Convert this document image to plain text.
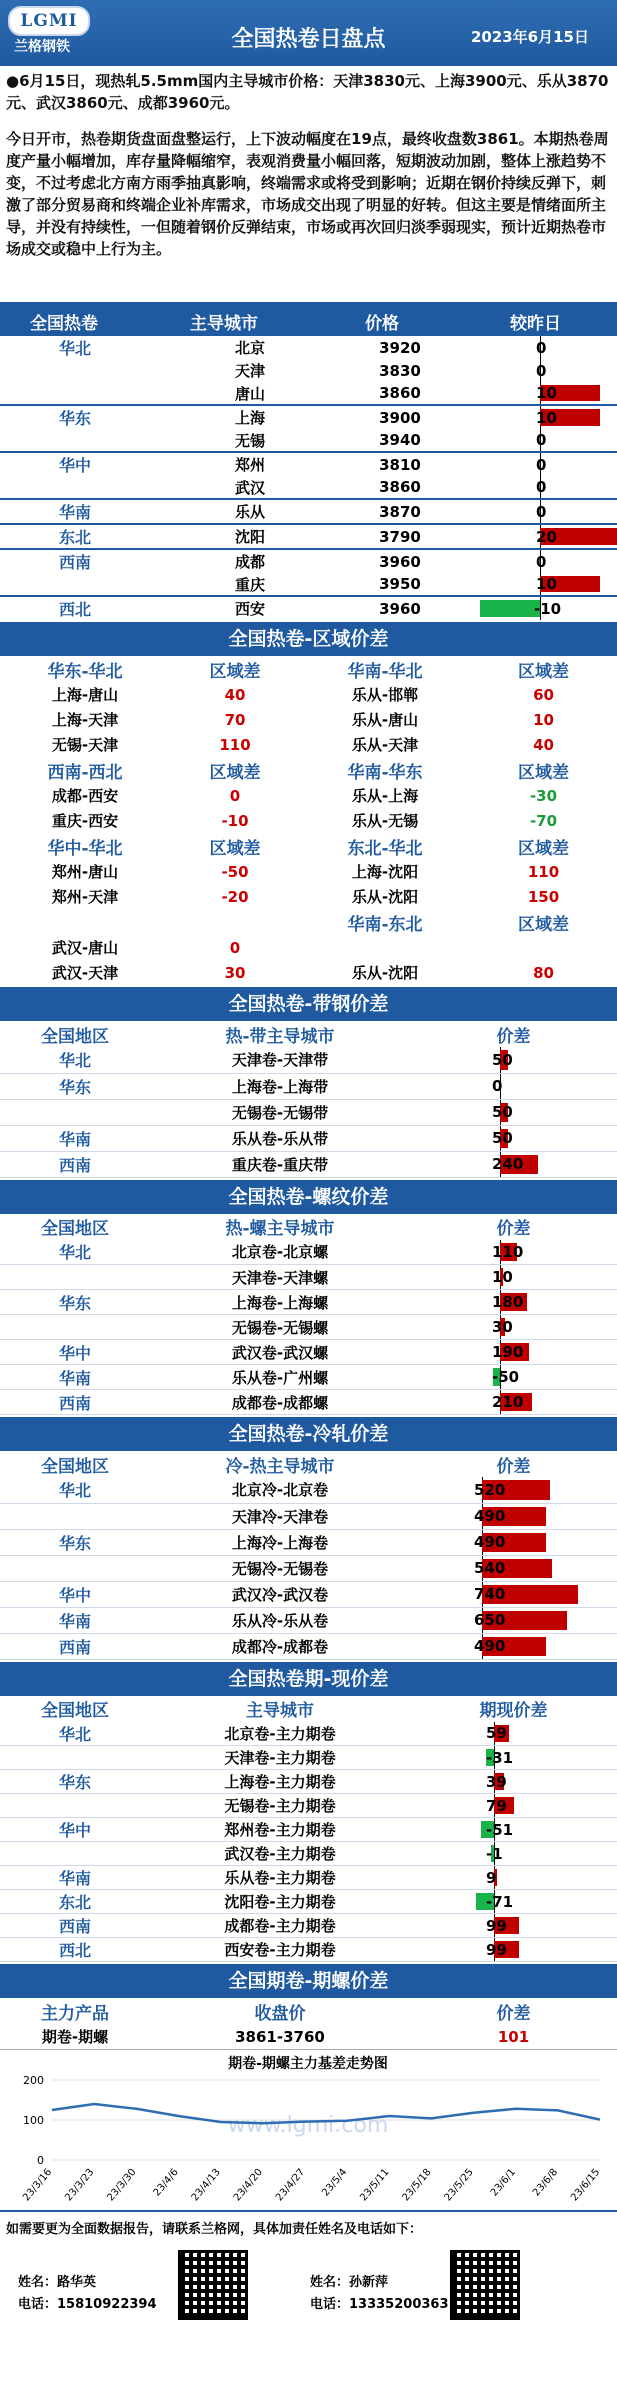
LGMI
兰格钢铁	全国热卷日盘点	2023年6月15日

●6月15日，现热轧5.5mm国内主导城市价格：天津3830元、上海3900元、乐从3870元、武汉3860元、成都3960元。

今日开市，热卷期货盘面盘整运行，上下波动幅度在19点，最终收盘数3861。本期热卷周度产量小幅增加，库存量降幅缩窄，表观消费量小幅回落，短期波动加剧，整体上涨趋势不变，不过考虑北方南方雨季抽真影响，终端需求或将受到影响；近期在钢价持续反弹下，刺激了部分贸易商和终端企业补库需求，市场成交出现了明显的好转。但这主要是情绪面所主导，并没有持续性，一但随着钢价反弹结束，市场或再次回归淡季弱现实，预计近期热卷市场成交或稳中上行为主。

全国热卷	主导城市	价格	较昨日
华北	北京	3920	0

	天津	3830	0

	唐山	3860	10

华东	上海	3900	10

	无锡	3940	0

华中	郑州	3810	0

	武汉	3860	0

华南	乐从	3870	0

东北	沈阳	3790	20

西南	成都	3960	0

	重庆	3950	10

西北	西安	3960	-10
全国热卷-区域价差
华东-华北	区域差	华南-华北	区域差
上海-唐山	40	乐从-邯郸	60
上海-天津	70	乐从-唐山	10
无锡-天津	110	乐从-天津	40
西南-西北	区域差	华南-华东	区域差
成都-西安	0	乐从-上海	-30
重庆-西安	-10	乐从-无锡	-70
华中-华北	区域差	东北-华北	区域差
郑州-唐山	-50	上海-沈阳	110
郑州-天津	-20	乐从-沈阳	150
		华南-东北	区域差
武汉-唐山	0		
武汉-天津	30	乐从-沈阳	80
全国热卷-带钢价差
全国地区	热-带主导城市	价差
华北	天津卷-天津带	50

华东	上海卷-上海带	0

	无锡卷-无锡带	50

华南	乐从卷-乐从带	50

西南	重庆卷-重庆带	240
全国热卷-螺纹价差
全国地区	热-螺主导城市	价差
华北	北京卷-北京螺	110

	天津卷-天津螺	10

华东	上海卷-上海螺	180

	无锡卷-无锡螺	30

华中	武汉卷-武汉螺	190

华南	乐从卷-广州螺	-50

西南	成都卷-成都螺	210
全国热卷-冷轧价差
全国地区	冷-热主导城市	价差
华北	北京冷-北京卷	520

	天津冷-天津卷	490

华东	上海冷-上海卷	490

	无锡冷-无锡卷	540

华中	武汉冷-武汉卷	740

华南	乐从冷-乐从卷	650

西南	成都冷-成都卷	490
全国热卷期-现价差
全国地区	主导城市	期现价差
华北	北京卷-主力期卷	59

	天津卷-主力期卷	-31

华东	上海卷-主力期卷	39

	无锡卷-主力期卷	79

华中	郑州卷-主力期卷	-51

	武汉卷-主力期卷	-1

华南	乐从卷-主力期卷	9

东北	沈阳卷-主力期卷	-71

西南	成都卷-主力期卷	99

西北	西安卷-主力期卷	99
全国期卷-期螺价差
主力产品	收盘价	价差
期卷-期螺	3861-3760	101
期卷-期螺主力基差走势图
www.lgmi.com
200
100
0
23/3/16 23/3/23 23/3/30 23/4/6 23/4/13 23/4/20 23/4/27 23/5/4 23/5/11 23/5/18 23/5/25 23/6/1 23/6/8 23/6/15
如需要更为全面数据报告，请联系兰格网，具体加责任姓名及电话如下：
姓名：路华英
电话：15810922394
姓名：孙新萍
电话：13335200363
